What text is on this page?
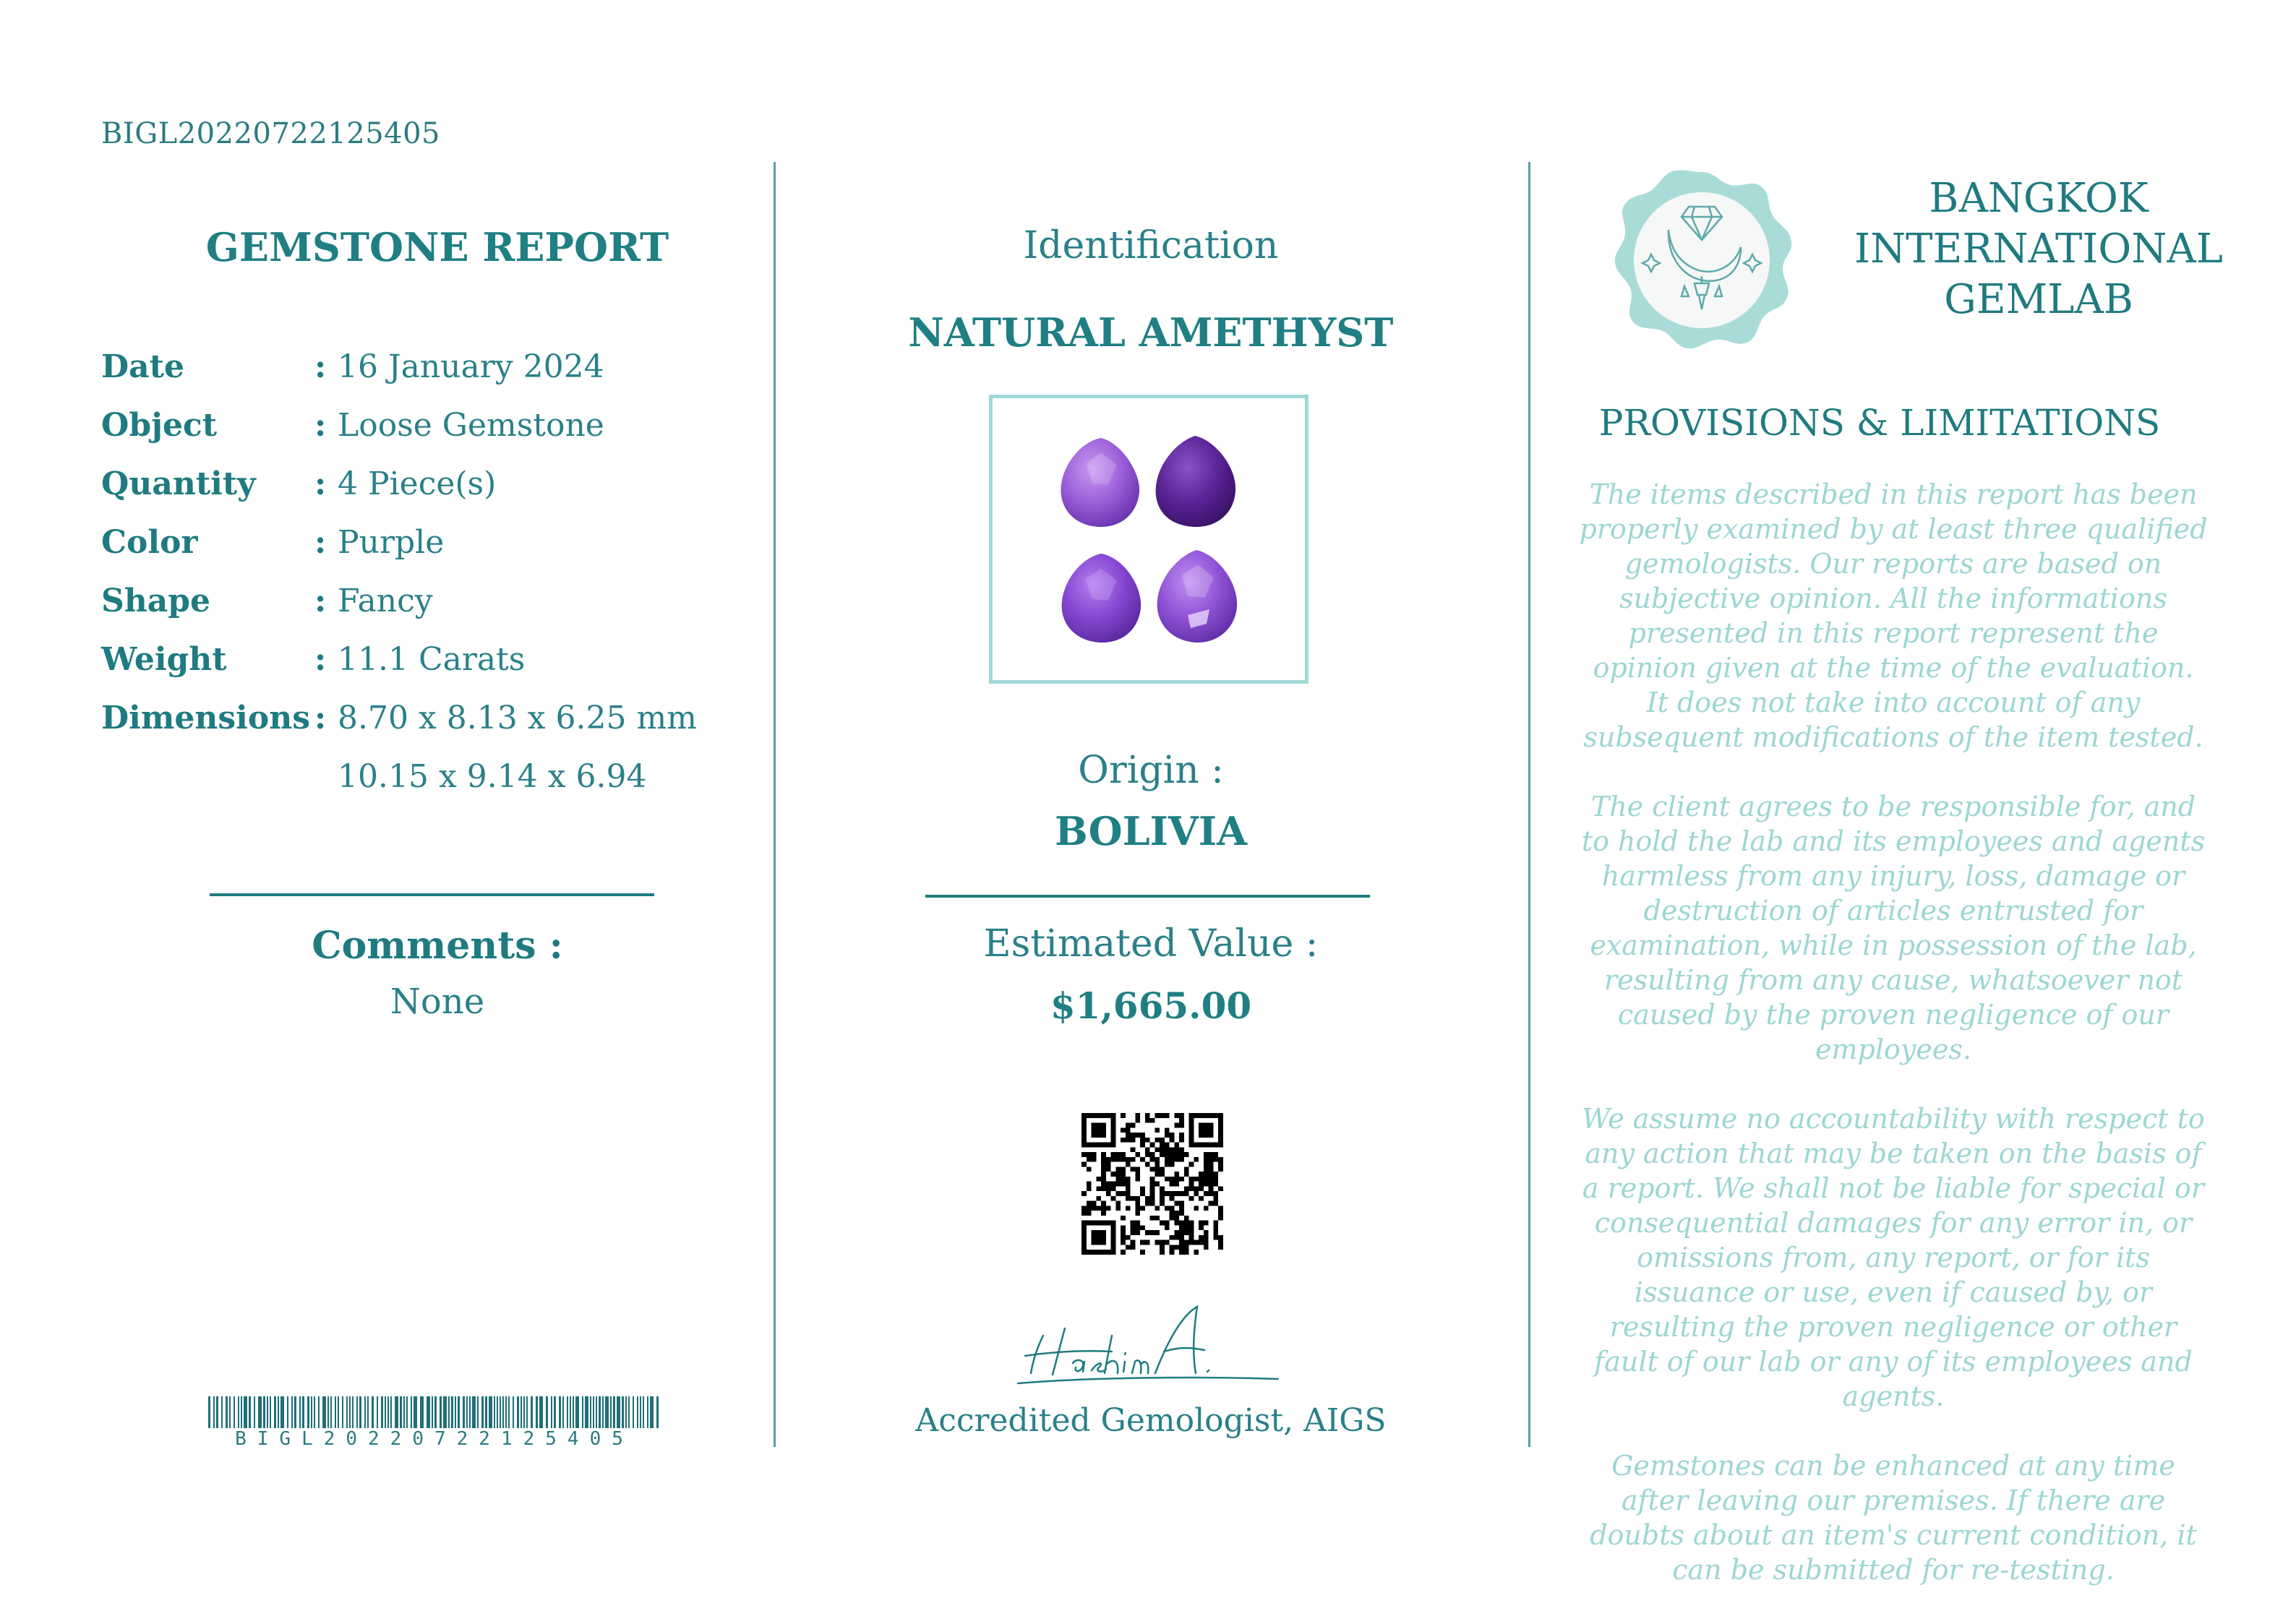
BIGL20220722125405
GEMSTONE REPORT
Date	: 16 January 2024
Object	: Loose Gemstone
Quantity	: 4 Piece(s)
Color	: Purple
Shape	: Fancy
Weight	: 11.1 Carats
Dimensions : 8.70 x 8.13 x 6.25 mm
10.15 x 9.14 x 6.94
Comments :
None
BIGL20220722125405
Identification
NATURAL AMETHYST
Origin :
BOLIVIA
Estimated Value :
$1,665.00
Accredited Gemologist, AIGS
BANGKOK
INTERNATIONAL
GEMLAB
PROVISIONS & LIMITATIONS

The items described in this report has been properly examined by at least three qualified gemologists. Our reports are based on subjective opinion. All the informations presented in this report represent the opinion given at the time of the evaluation. It does not take into account of any subsequent modifications of the item tested.

The client agrees to be responsible for, and to hold the lab and its employees and agents harmless from any injury, loss, damage or destruction of articles entrusted for examination, while in possession of the lab, resulting from any cause, whatsoever not caused by the proven negligence of our employees.

We assume no accountability with respect to any action that may be taken on the basis of a report. We shall not be liable for special or consequential damages for any error in, or omissions from, any report, or for its issuance or use, even if caused by, or resulting the proven negligence or other fault of our lab or any of its employees and agents.

Gemstones can be enhanced at any time after leaving our premises. If there are doubts about an item's current condition, it can be submitted for re-testing.
